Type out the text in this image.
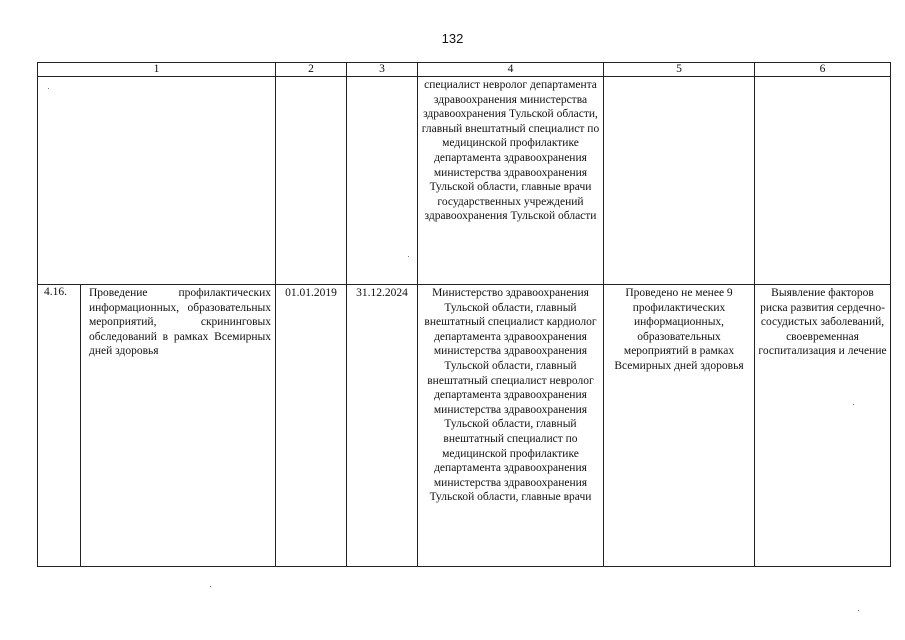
132
1		2	3	4	5	6
				специалист невролог департамента здравоохранения министерства здравоохранения Тульской области, главный внештатный специалист по медицинской профилактике департамента здравоохранения министерства здравоохранения Тульской области, главные врачи государственных учреждений здравоохранения Тульской области		
4.16.	Проведение профилактических информационных, образовательных мероприятий, скрининговых обследований в рамках Всемирных дней здоровья	01.01.2019	31.12.2024	Министерство здравоохранения Тульской области, главный внештатный специалист кардиолог департамента здравоохранения министерства здравоохранения Тульской области, главный внештатный специалист невролог департамента здравоохранения министерства здравоохранения Тульской области, главный внештатный специалист по медицинской профилактике департамента здравоохранения министерства здравоохранения Тульской области, главные врачи	Проведено не менее 9 профилактических информационных, образовательных мероприятий в рамках Всемирных дней здоровья	Выявление факторов риска развития сердечно-сосудистых заболеваний, своевременная госпитализация и лечение
